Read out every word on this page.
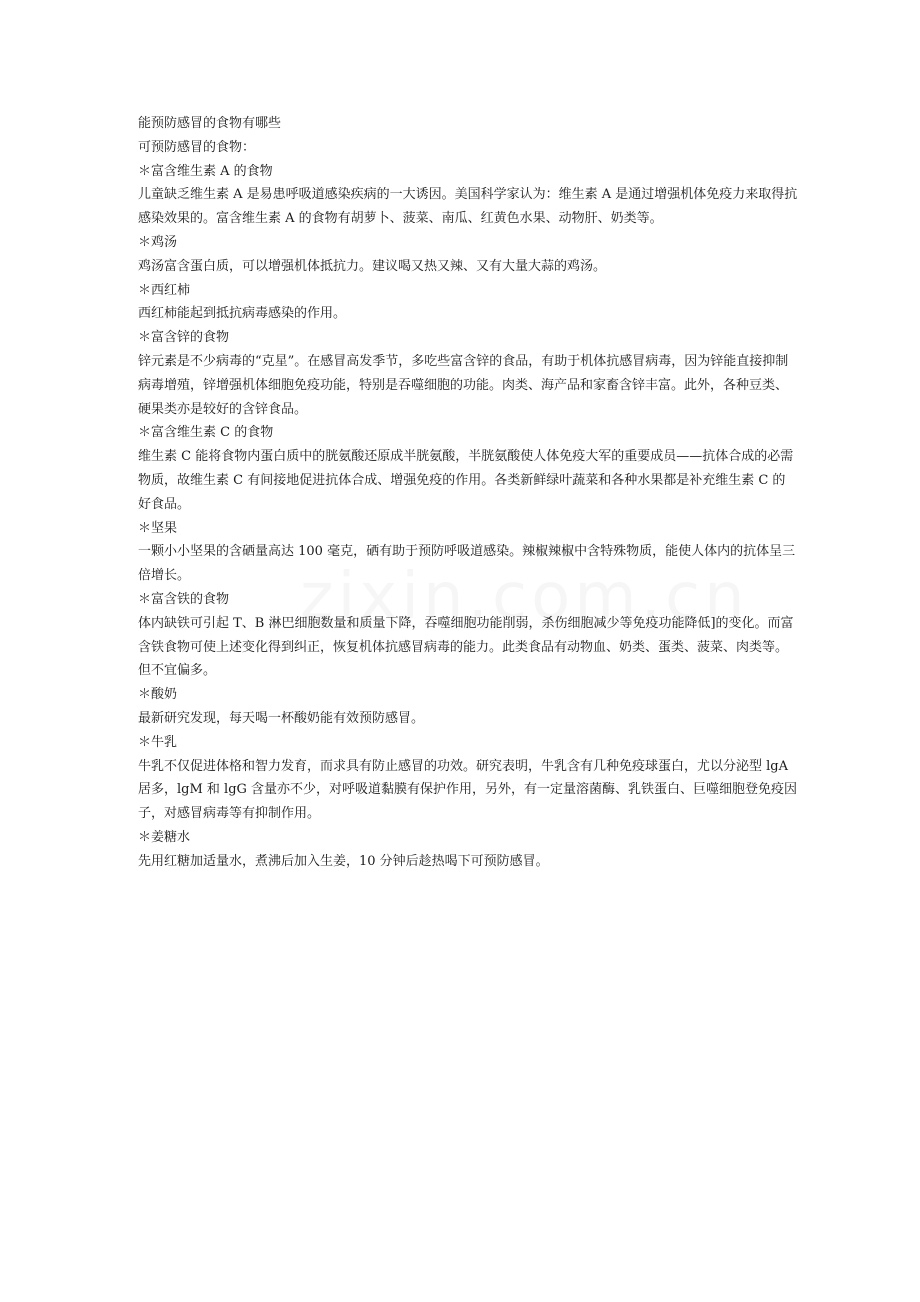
能预防感冒的食物有哪些

可预防感冒的食物：

＊富含维生素 A 的食物

儿童缺乏维生素 A 是易患呼吸道感染疾病的一大诱因。美国科学家认为：维生素 A 是通过增强机体免疫力来取得抗感染效果的。富含维生素 A 的食物有胡萝卜、菠菜、南瓜、红黄色水果、动物肝、奶类等。

＊鸡汤

鸡汤富含蛋白质，可以增强机体抵抗力。建议喝又热又辣、又有大量大蒜的鸡汤。

＊西红柿

西红柿能起到抵抗病毒感染的作用。

＊富含锌的食物

锌元素是不少病毒的“克星”。在感冒高发季节，多吃些富含锌的食品，有助于机体抗感冒病毒，因为锌能直接抑制病毒增殖，锌增强机体细胞免疫功能，特别是吞噬细胞的功能。肉类、海产品和家畜含锌丰富。此外，各种豆类、硬果类亦是较好的含锌食品。

＊富含维生素 C 的食物

维生素 C 能将食物内蛋白质中的胱氨酸还原成半胱氨酸，半胱氨酸使人体免疫大军的重要成员——抗体合成的必需物质，故维生素 C 有间接地促进抗体合成、增强免疫的作用。各类新鲜绿叶蔬菜和各种水果都是补充维生素 C 的好食品。

＊坚果

一颗小小坚果的含硒量高达 100 毫克，硒有助于预防呼吸道感染。辣椒辣椒中含特殊物质，能使人体内的抗体呈三倍增长。

＊富含铁的食物

体内缺铁可引起 T、B 淋巴细胞数量和质量下降，吞噬细胞功能削弱，杀伤细胞减少等免疫功能降低]的变化。而富含铁食物可使上述变化得到纠正，恢复机体抗感冒病毒的能力。此类食品有动物血、奶类、蛋类、菠菜、肉类等。但不宜偏多。

＊酸奶

最新研究发现，每天喝一杯酸奶能有效预防感冒。

＊牛乳

牛乳不仅促进体格和智力发育，而求具有防止感冒的功效。研究表明，牛乳含有几种免疫球蛋白，尤以分泌型 lgA 居多，lgM 和 lgG 含量亦不少，对呼吸道黏膜有保护作用，另外，有一定量溶菌酶、乳铁蛋白、巨噬细胞登免疫因子，对感冒病毒等有抑制作用。

＊姜糖水

先用红糖加适量水，煮沸后加入生姜，10 分钟后趁热喝下可预防感冒。
